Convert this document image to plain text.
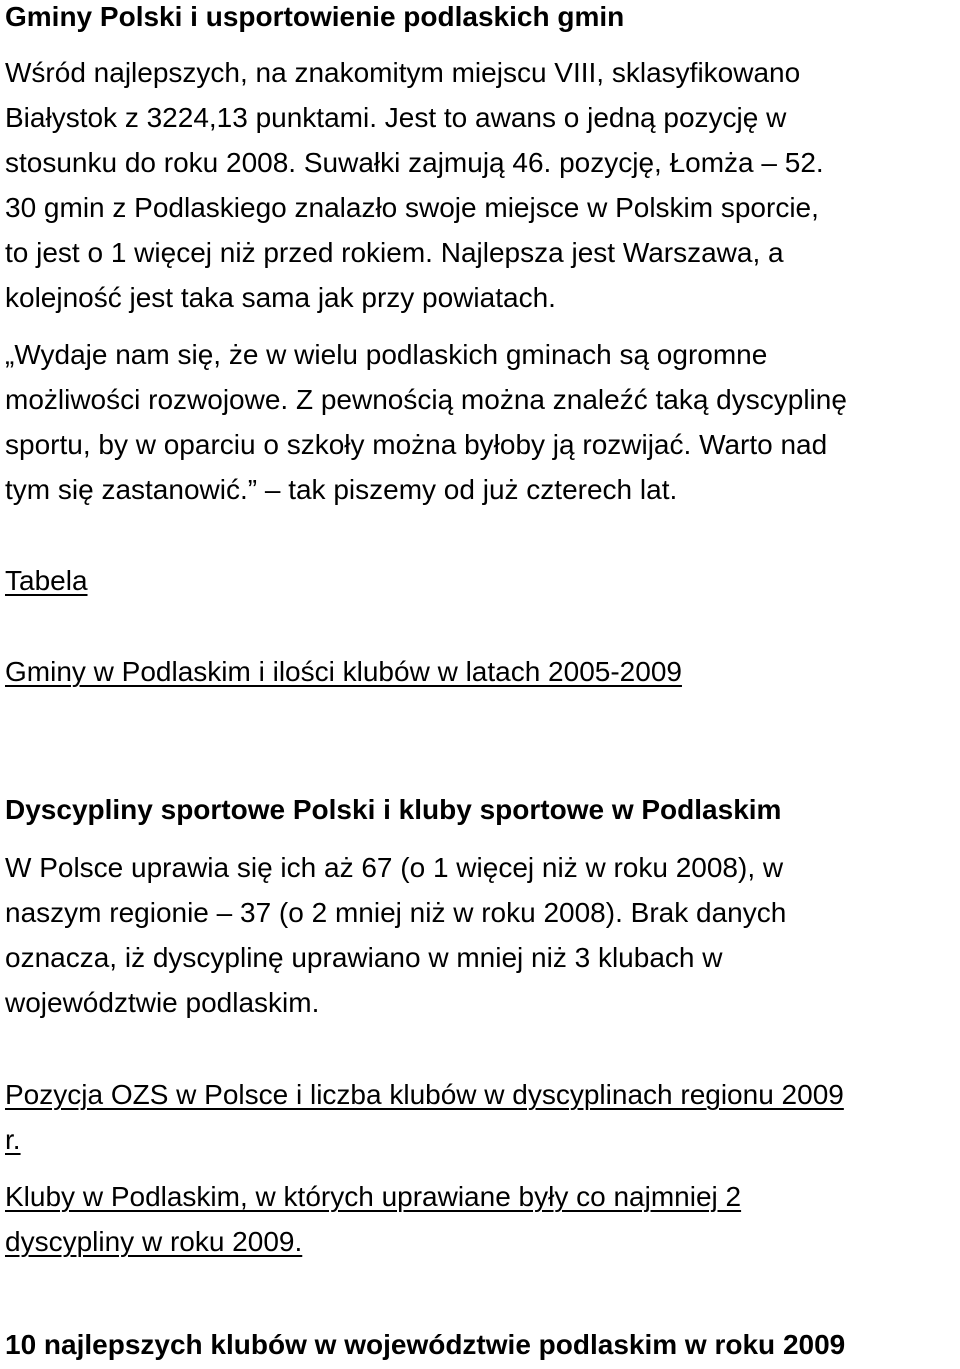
Gminy Polski i usportowienie podlaskich gmin
Wśród najlepszych, na znakomitym miejscu VIII, sklasyfikowano
Białystok z 3224,13 punktami. Jest to awans o jedną pozycję w
stosunku do roku 2008. Suwałki zajmują 46. pozycję, Łomża – 52.
30 gmin z Podlaskiego znalazło swoje miejsce w Polskim sporcie,
to jest o 1 więcej niż przed rokiem. Najlepsza jest Warszawa, a
kolejność jest taka sama jak przy powiatach.
„Wydaje nam się, że w wielu podlaskich gminach są ogromne
możliwości rozwojowe. Z pewnością można znaleźć taką dyscyplinę
sportu, by w oparciu o szkoły można byłoby ją rozwijać. Warto nad
tym się zastanowić.” – tak piszemy od już czterech lat.
Tabela
Gminy w Podlaskim i ilości klubów w latach 2005-2009
Dyscypliny sportowe Polski i kluby sportowe w Podlaskim
W Polsce uprawia się ich aż 67 (o 1 więcej niż w roku 2008), w
naszym regionie – 37 (o 2 mniej niż w roku 2008). Brak danych
oznacza, iż dyscyplinę uprawiano w mniej niż 3 klubach w
województwie podlaskim.
Pozycja OZS w Polsce i liczba klubów w dyscyplinach regionu 2009
r.
Kluby w Podlaskim, w których uprawiane były co najmniej 2
dyscypliny w roku 2009.
10 najlepszych klubów w województwie podlaskim w roku 2009
